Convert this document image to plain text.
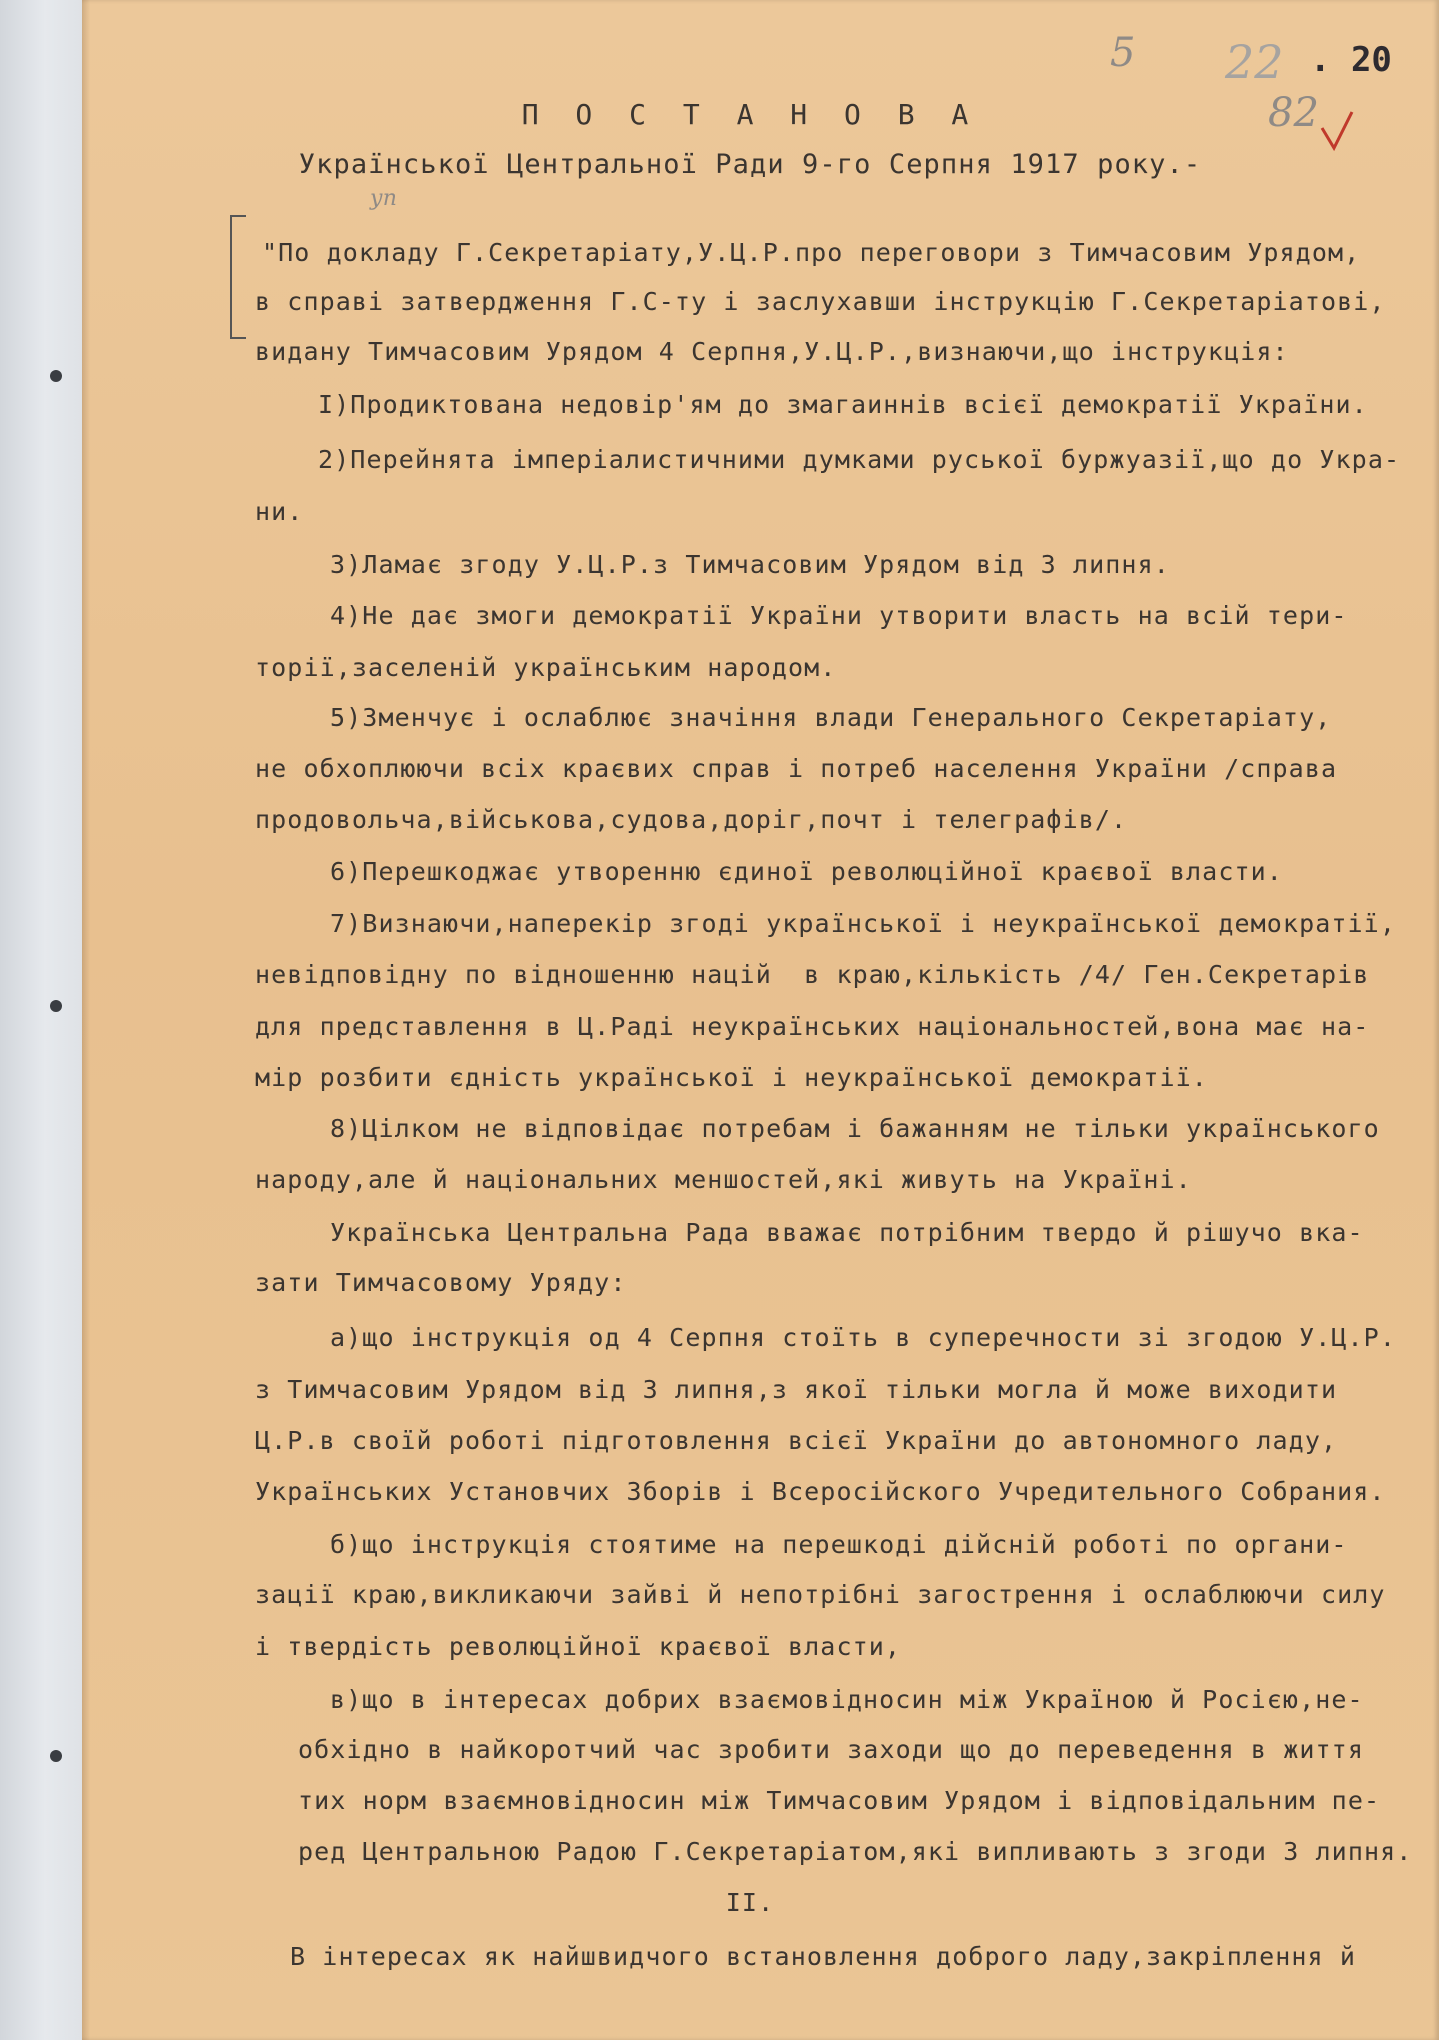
5 22 . 20
82
П О С Т А Н О В А
Української Центральної Ради 9-го Серпня 1917 року.-
уп
"По докладу Г.Секретаріату,У.Ц.Р.про переговори з Тимчасовим Урядом,
в справі затвердження Г.С-ту і заслухавши інструкцію Г.Секретаріатові,
видану Тимчасовим Урядом 4 Серпня,У.Ц.Р.,визнаючи,що інструкція:
I)Продиктована недовір'ям до змагаиннів всієї демократії України.
2)Перейнята імперіалистичними думками руської буржуазії,що до Укра-
ни.
3)Ламає згоду У.Ц.Р.з Тимчасовим Урядом від 3 липня.
4)Не дає змоги демократії України утворити власть на всій тери-
торії,заселеній українським народом.
5)Зменчує і ослаблює значіння влади Генерального Секретаріату,
не обхоплюючи всіх краєвих справ і потреб населення України /справа
продовольча,військова,судова,доріг,почт і телеграфів/.
6)Перешкоджає утворенню єдиної революційної краєвої власти.
7)Визнаючи,наперекір згоді української і неукраїнської демократії,
невідповідну по відношенню націй  в краю,кількість /4/ Ген.Секретарів
для представлення в Ц.Раді неукраїнських національностей,вона має на-
мір розбити єдність української і неукраїнської демократії.
8)Цілком не відповідає потребам і бажанням не тільки українського
народу,але й національних меншостей,які живуть на Україні.
Українська Центральна Рада вважає потрібним твердо й рішучо вка-
зати Тимчасовому Уряду:
а)що інструкція од 4 Серпня стоїть в суперечности зі згодою У.Ц.Р.
з Тимчасовим Урядом від 3 липня,з якої тільки могла й може виходити
Ц.Р.в своїй роботі підготовлення всієї України до автономного ладу,
Українських Установчих Зборів і Всеросійского Учредительного Собрания.
б)що інструкція стоятиме на перешкоді дійсній роботі по органи-
зації краю,викликаючи зайві й непотрібні загострення і ослаблюючи силу
і твердість революційної краєвої власти,
в)що в інтересах добрих взаємовідносин між Україною й Росією,не-
обхідно в найкоротчий час зробити заходи що до переведення в життя
тих норм взаємновідносин між Тимчасовим Урядом і відповідальним пе-
ред Центральною Радою Г.Секретаріатом,які випливають з згоди 3 липня.
II.
В інтересах як найшвидчого встановлення доброго ладу,закріплення й
